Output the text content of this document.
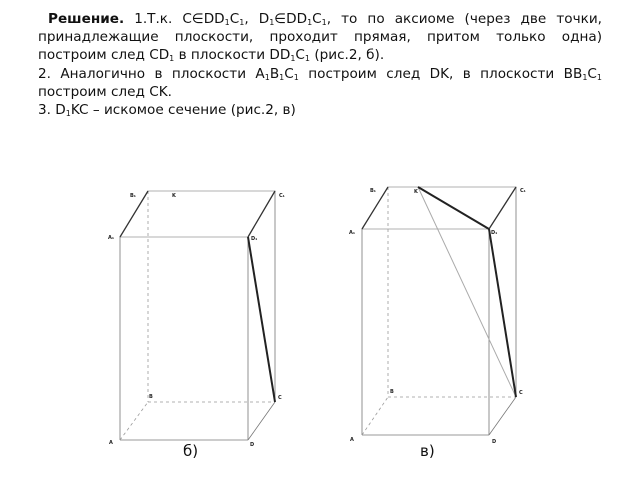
Решение. 1.Т.к. $C\in DD_1C_1$, $D_1\in DD_1C_1$, то по аксиоме (через две точки, принадлежащие плоскости, проходит прямая, притом только одна) построим след $CD_1$ в плоскости $DD_1C_1$ (рис.2, б).

2. Аналогично в плоскости $A_1B_1C_1$ построим след DK, в плоскости $BB_1C_1$ построим след CK.

3. $D_1KC$ – искомое сечение (рис.2, в)

B₁	K	C₁
A₁	D₁
B	C
A	D
B₁	K	C₁
A₁	D₁
B	C
A	D
б)	в)
